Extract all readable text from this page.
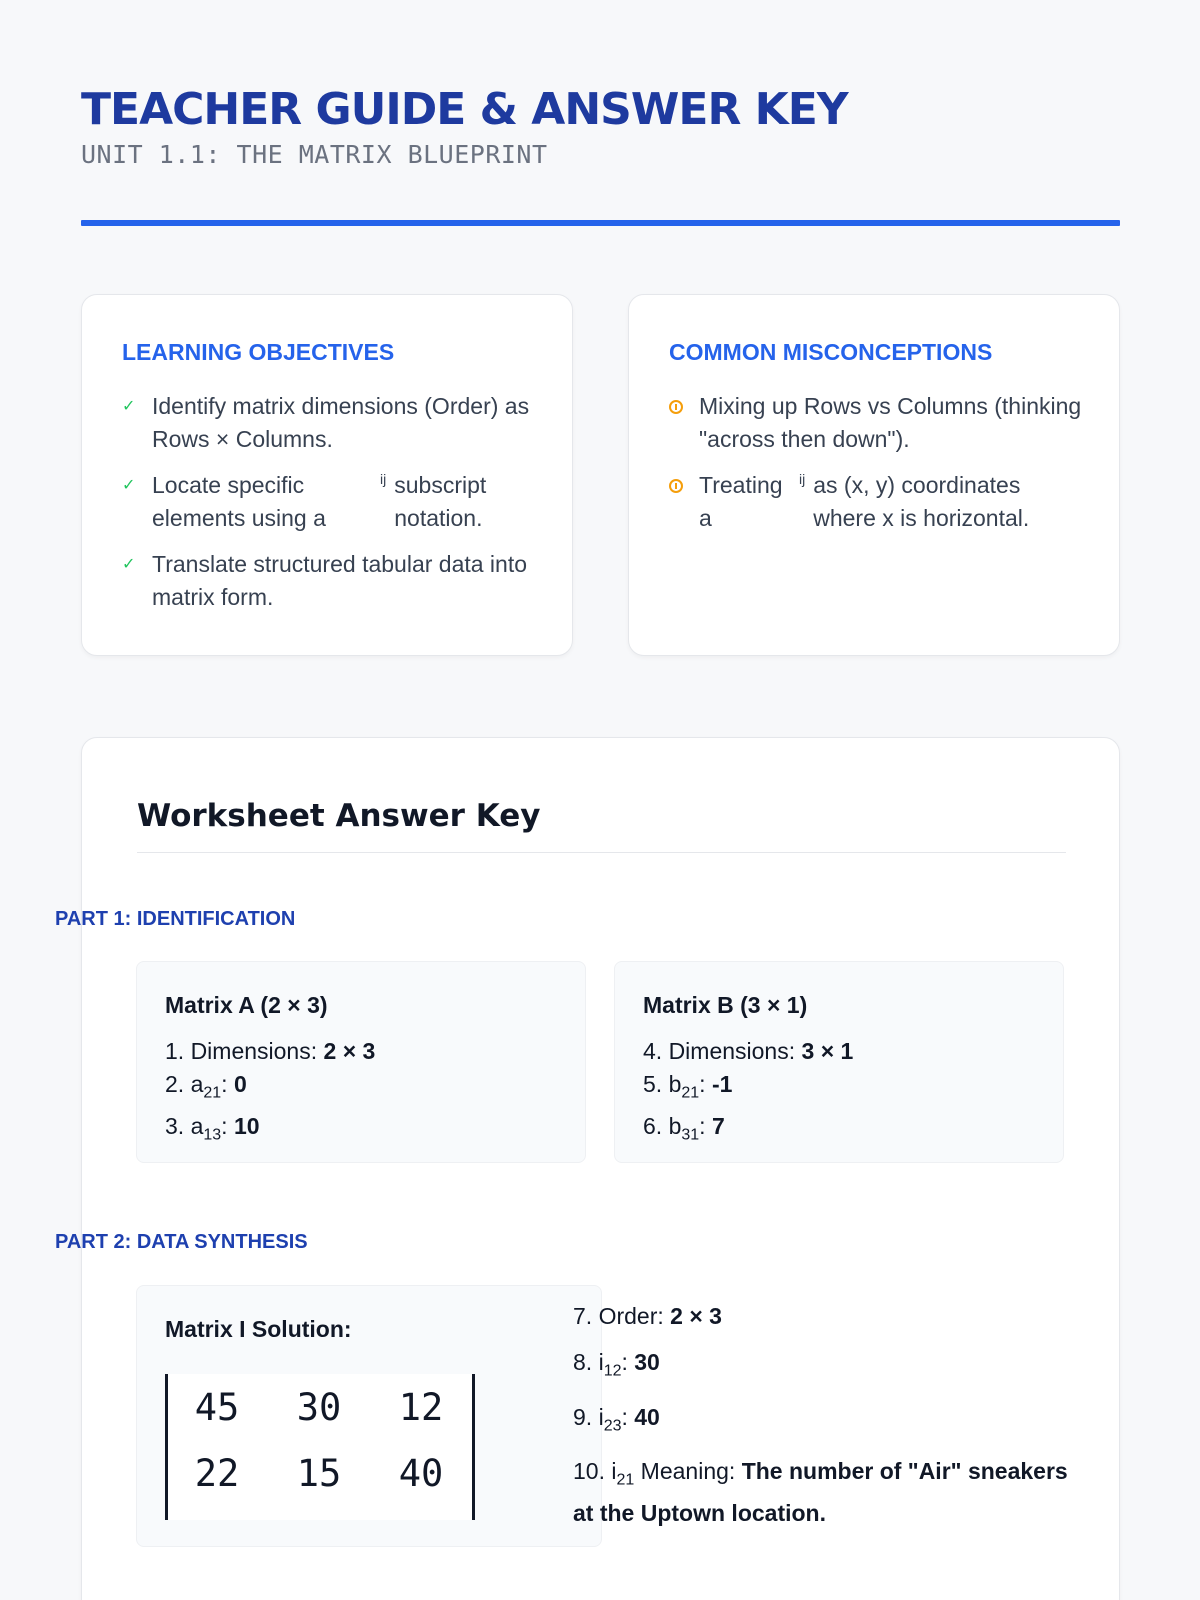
TEACHER GUIDE & ANSWER KEY
UNIT 1.1: THE MATRIX BLUEPRINT
LEARNING OBJECTIVES
✓ Identify matrix dimensions (Order) as Rows × Columns.
✓ Locate specific elements using a
ij subscript notation.
✓ Translate structured tabular data into matrix form.
COMMON MISCONCEPTIONS
Mixing up Rows vs Columns (thinking "across then down").
Treating a
ij as (x, y) coordinates where x is horizontal.
Worksheet Answer Key
PART 1: IDENTIFICATION
Matrix A (2 × 3)
1. Dimensions: 2 × 3
2. $a_{21}$: 0
3. $a_{13}$: 10
Matrix B (3 × 1)
4. Dimensions: 3 × 1
5. $b_{21}$: -1
6. $b_{31}$: 7
PART 2: DATA SYNTHESIS
Matrix I Solution:
45	30	12
22	15	40
7. Order: 2 × 3
8. $i_{12}$: 30
9. $i_{23}$: 40
10. $i_{21}$ Meaning: The number of "Air" sneakers at the Uptown location.
